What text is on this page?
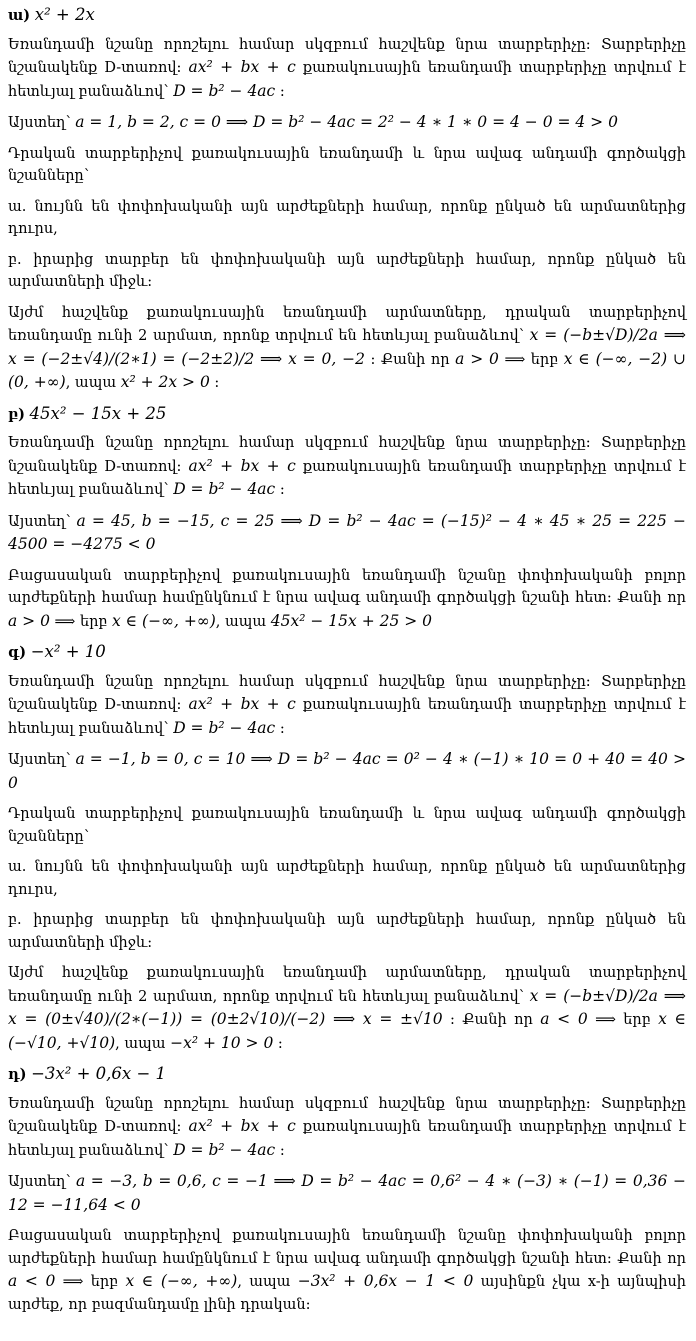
ա) x² + 2x

Եռանդամի նշանը որոշելու համար սկզբում հաշվենք նրա տարբերիչը: Տարբերիչը նշանակենք D-տառով: ax² + bx + c քառակուսային եռանդամի տարբերիչը տրվում է հետևյալ բանաձևով՝ D = b² − 4ac :

Այստեղ՝ a = 1, b = 2, c = 0 ⟹ D = b² − 4ac = 2² − 4 ∗ 1 ∗ 0 = 4 − 0 = 4 > 0

Դրական տարբերիչով քառակուսային եռանդամի և նրա ավագ անդամի գործակցի նշանները՝

ա. նույնն են փոփոխականի այն արժեքների համար, որոնք ընկած են արմատներից դուրս,

բ. իրարից տարբեր են փոփոխականի այն արժեքների համար, որոնք ընկած են արմատների միջև:

Այժմ հաշվենք քառակուսային եռանդամի արմատները, դրական տարբերիչով եռանդամը ունի 2 արմատ, որոնք տրվում են հետևյալ բանաձևով՝ x = (−b±√D)/2a ⟹ x = (−2±√4)/(2∗1) = (−2±2)/2 ⟹ x = 0, −2 : Քանի որ a > 0 ⟹ երբ x ∈ (−∞, −2) ∪ (0, +∞), ապա x² + 2x > 0 :

բ) 45x² − 15x + 25

Եռանդամի նշանը որոշելու համար սկզբում հաշվենք նրա տարբերիչը: Տարբերիչը նշանակենք D-տառով: ax² + bx + c քառակուսային եռանդամի տարբերիչը տրվում է հետևյալ բանաձևով՝ D = b² − 4ac :

Այստեղ՝ a = 45, b = −15, c = 25 ⟹ D = b² − 4ac = (−15)² − 4 ∗ 45 ∗ 25 = 225 − 4500 = −4275 < 0

Բացասական տարբերիչով քառակուսային եռանդամի նշանը փոփոխականի բոլոր արժեքների համար համընկնում է նրա ավագ անդամի գործակցի նշանի հետ: Քանի որ a > 0 ⟹ երբ x ∈ (−∞, +∞), ապա 45x² − 15x + 25 > 0

գ) −x² + 10

Եռանդամի նշանը որոշելու համար սկզբում հաշվենք նրա տարբերիչը: Տարբերիչը նշանակենք D-տառով: ax² + bx + c քառակուսային եռանդամի տարբերիչը տրվում է հետևյալ բանաձևով՝ D = b² − 4ac :

Այստեղ՝ a = −1, b = 0, c = 10 ⟹ D = b² − 4ac = 0² − 4 ∗ (−1) ∗ 10 = 0 + 40 = 40 > 0

Դրական տարբերիչով քառակուսային եռանդամի և նրա ավագ անդամի գործակցի նշանները՝

ա. նույնն են փոփոխականի այն արժեքների համար, որոնք ընկած են արմատներից դուրս,

բ. իրարից տարբեր են փոփոխականի այն արժեքների համար, որոնք ընկած են արմատների միջև:

Այժմ հաշվենք քառակուսային եռանդամի արմատները, դրական տարբերիչով եռանդամը ունի 2 արմատ, որոնք տրվում են հետևյալ բանաձևով՝ x = (−b±√D)/2a ⟹ x = (0±√40)/(2∗(−1)) = (0±2√10)/(−2) ⟹ x = ±√10 : Քանի որ a < 0 ⟹ երբ x ∈ (−√10, +√10), ապա −x² + 10 > 0 :

դ) −3x² + 0,6x − 1

Եռանդամի նշանը որոշելու համար սկզբում հաշվենք նրա տարբերիչը: Տարբերիչը նշանակենք D-տառով: ax² + bx + c քառակուսային եռանդամի տարբերիչը տրվում է հետևյալ բանաձևով՝ D = b² − 4ac :

Այստեղ՝ a = −3, b = 0,6, c = −1 ⟹ D = b² − 4ac = 0,6² − 4 ∗ (−3) ∗ (−1) = 0,36 − 12 = −11,64 < 0

Բացասական տարբերիչով քառակուսային եռանդամի նշանը փոփոխականի բոլոր արժեքների համար համընկնում է նրա ավագ անդամի գործակցի նշանի հետ: Քանի որ a < 0 ⟹ երբ x ∈ (−∞, +∞), ապա −3x² + 0,6x − 1 < 0 այսինքն չկա x-ի այնպիսի արժեք, որ բազմանդամը լինի դրական:
